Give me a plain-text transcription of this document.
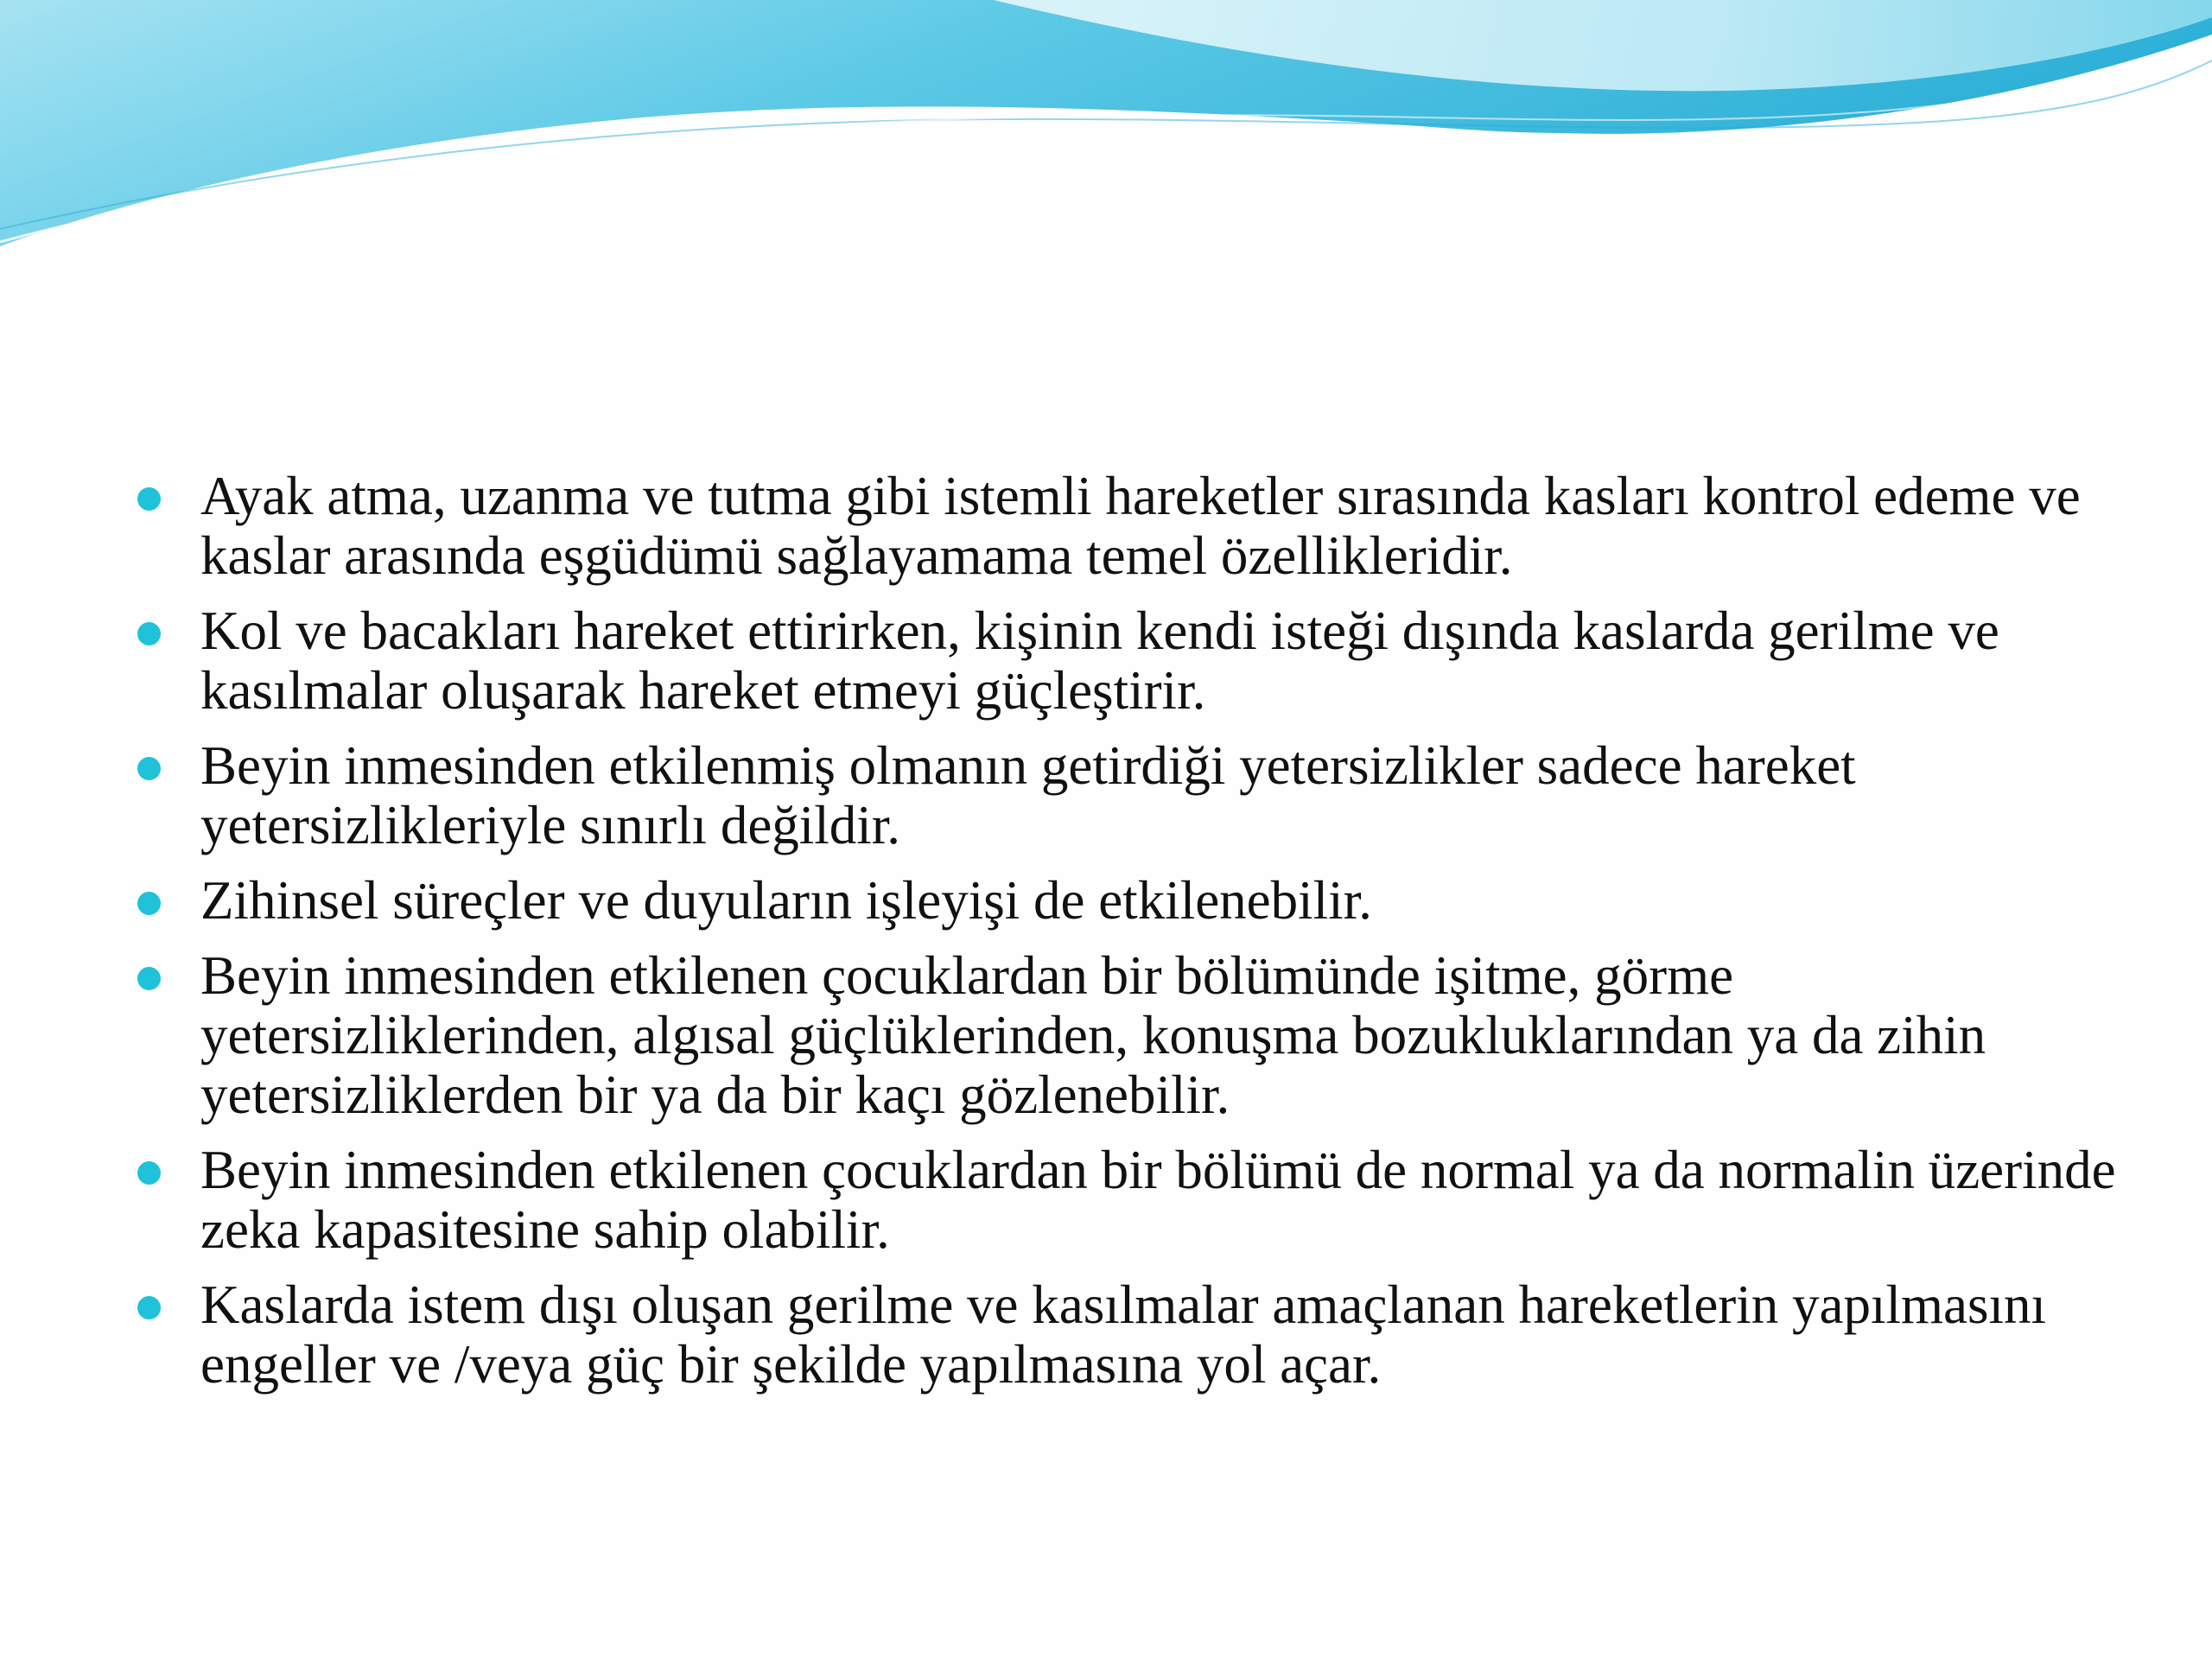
Ayak atma, uzanma ve tutma gibi istemli hareketler sırasında kasları kontrol edeme ve kaslar arasında eşgüdümü sağlayamama temel özellikleridir.
Kol ve bacakları hareket ettirirken, kişinin kendi isteği dışında kaslarda gerilme ve kasılmalar oluşarak hareket etmeyi güçleştirir.
Beyin inmesinden etkilenmiş olmanın getirdiği yetersizlikler sadece hareket yetersizlikleriyle sınırlı değildir.
Zihinsel süreçler ve duyuların işleyişi de etkilenebilir.
Beyin inmesinden etkilenen çocuklardan bir bölümünde işitme, görme yetersizliklerinden, algısal güçlüklerinden, konuşma bozukluklarından ya da zihin yetersizliklerden bir ya da bir kaçı gözlenebilir.
Beyin inmesinden etkilenen çocuklardan bir bölümü de normal ya da normalin üzerinde zeka kapasitesine sahip olabilir.
Kaslarda istem dışı oluşan gerilme ve kasılmalar amaçlanan hareketlerin yapılmasını engeller ve /veya güç bir şekilde yapılmasına yol açar.
